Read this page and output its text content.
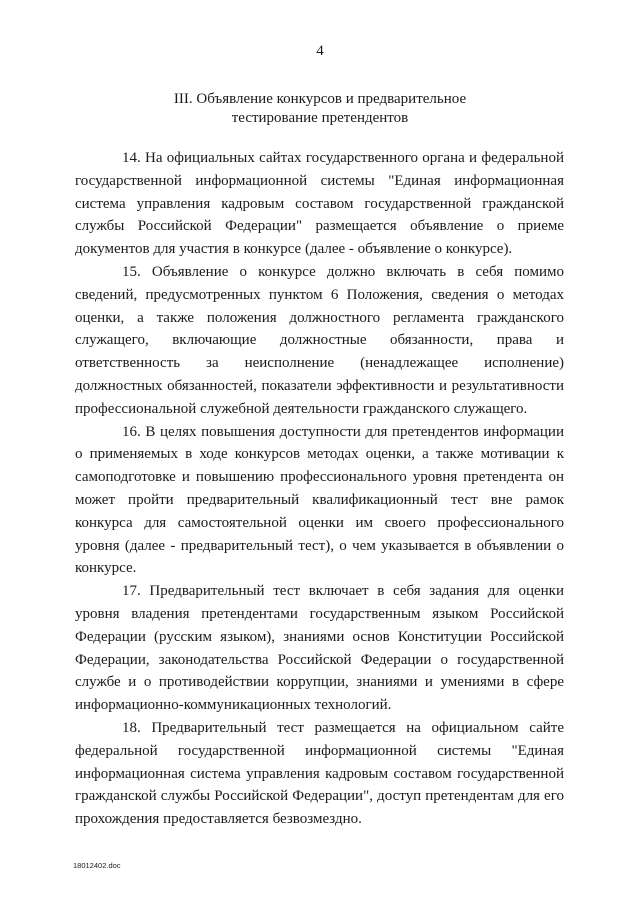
4
III. Объявление конкурсов и предварительное
тестирование претендентов

14. На официальных сайтах государственного органа и федеральной государственной информационной системы "Единая информационная система управления кадровым составом государственной гражданской службы Российской Федерации" размещается объявление о приеме документов для участия в конкурсе (далее - объявление о конкурсе).

15. Объявление о конкурсе должно включать в себя помимо сведений, предусмотренных пунктом 6 Положения, сведения о методах оценки, а также положения должностного регламента гражданского служащего, включающие должностные обязанности, права и ответственность за неисполнение (ненадлежащее исполнение) должностных обязанностей, показатели эффективности и результативности профессиональной служебной деятельности гражданского служащего.

16. В целях повышения доступности для претендентов информации о применяемых в ходе конкурсов методах оценки, а также мотивации к самоподготовке и повышению профессионального уровня претендента он может пройти предварительный квалификационный тест вне рамок конкурса для самостоятельной оценки им своего профессионального уровня (далее - предварительный тест), о чем указывается в объявлении о конкурсе.

17. Предварительный тест включает в себя задания для оценки уровня владения претендентами государственным языком Российской Федерации (русским языком), знаниями основ Конституции Российской Федерации, законодательства Российской Федерации о государственной службе и о противодействии коррупции, знаниями и умениями в сфере информационно-коммуникационных технологий.

18. Предварительный тест размещается на официальном сайте федеральной государственной информационной системы "Единая информационная система управления кадровым составом государственной гражданской службы Российской Федерации", доступ претендентам для его прохождения предоставляется безвозмездно.

18012402.doc
